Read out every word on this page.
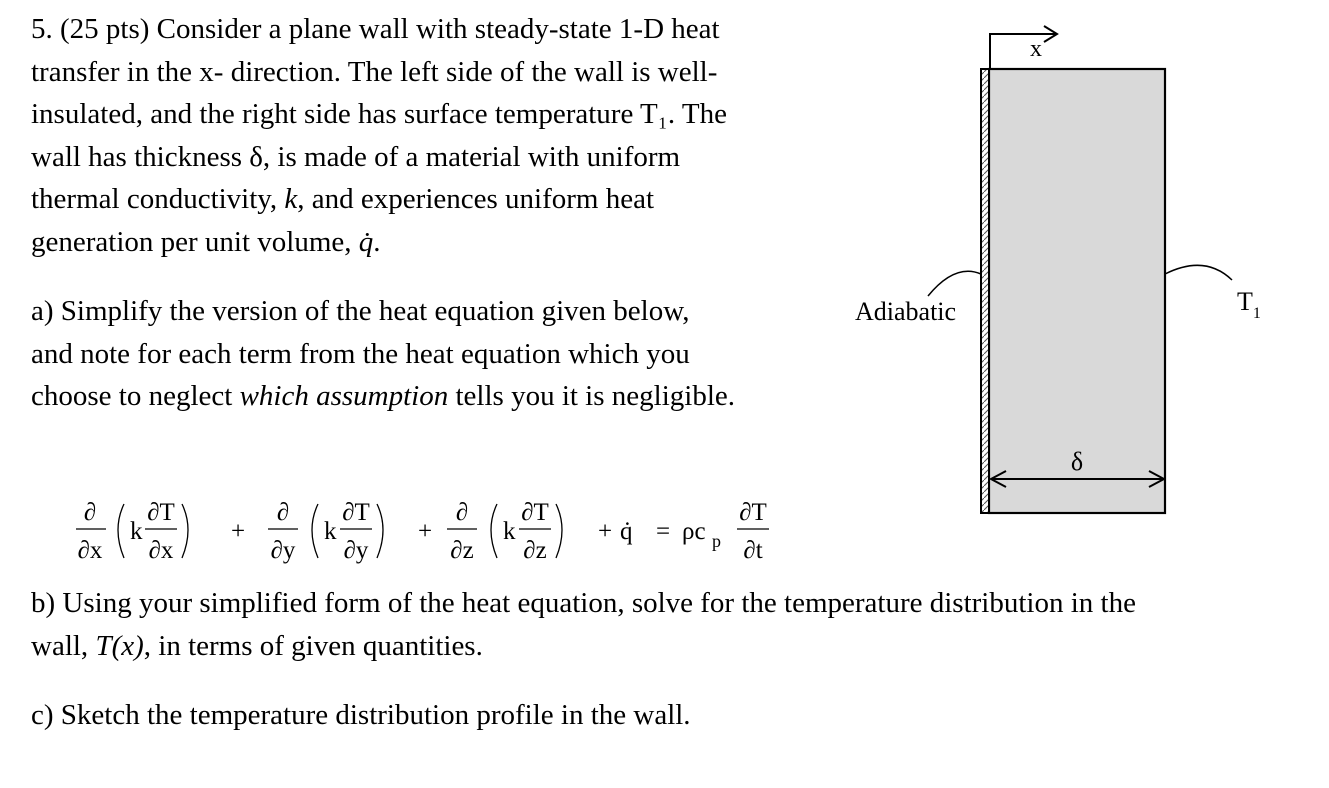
5. (25 pts) Consider a plane wall with steady-state 1-D heat
transfer in the x- direction. The left side of the wall is well-
insulated, and the right side has surface temperature T₁. The
wall has thickness δ, is made of a material with uniform
thermal conductivity, k, and experiences uniform heat
generation per unit volume, q̇.
a) Simplify the version of the heat equation given below,
and note for each term from the heat equation which you
choose to neglect which assumption tells you it is negligible.
∂
∂x
k
∂T
∂x
+
∂
∂y
k
∂T
∂y
+
∂
∂z
k
∂T
∂z
+ q̇ = ρc p
∂T
∂t
b) Using your simplified form of the heat equation, solve for the temperature distribution in the
wall, T(x), in terms of given quantities.
c) Sketch the temperature distribution profile in the wall.
x
Adiabatic	$T_1$
δ
